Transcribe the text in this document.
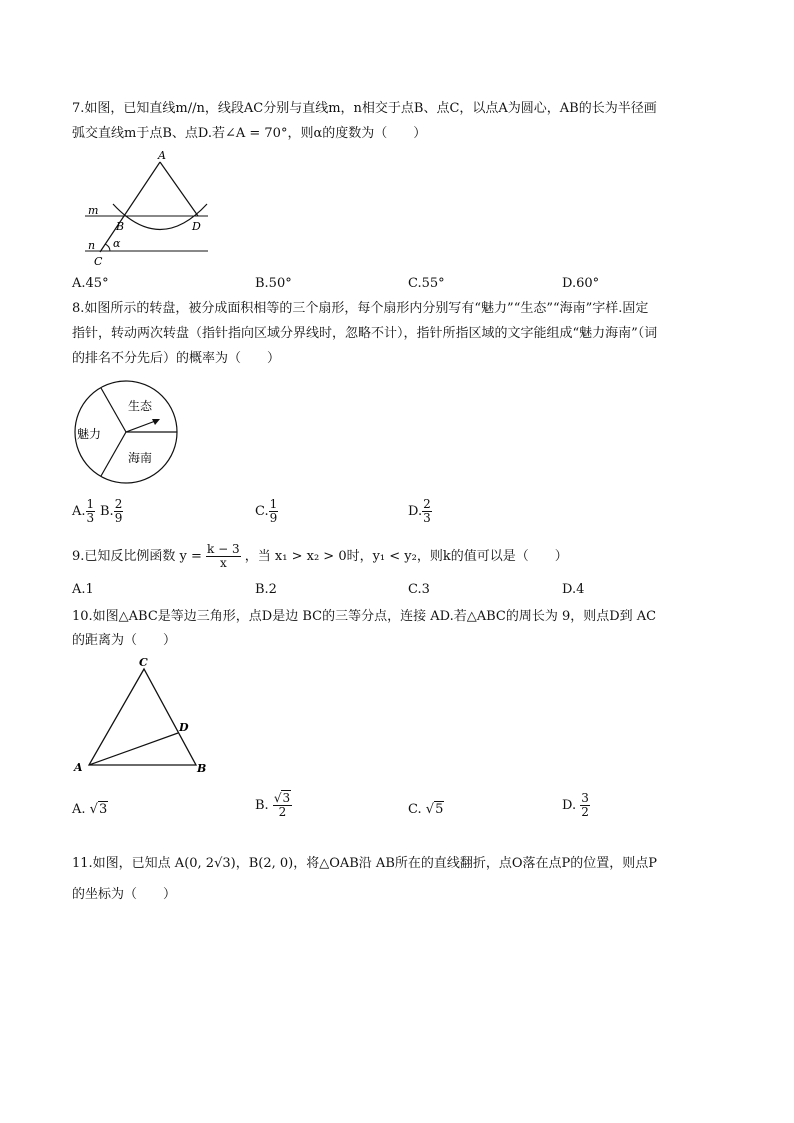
7.如图，已知直线m//n，线段AC分别与直线m，n相交于点B、点C，以点A为圆心，AB的长为半径画
弧交直线m于点B、点D.若∠A = 70°，则α的度数为（　　）
A
m
B	D
n α
C
A.45°	B.50°	C.55°	D.60°
8.如图所示的转盘，被分成面积相等的三个扇形，每个扇形内分别写有“魅力”“生态”“海南”字样.固定
指针，转动两次转盘（指针指向区域分界线时，忽略不计），指针所指区域的文字能组成“魅力海南”（词
的排名不分先后）的概率为（　　）
生态
魅力
海南
A. $\frac{1}{3} B$. $\frac{2}{9}$	C. $\frac{1}{9}$	D. $\frac{2}{3}$
9.已知反比例函数 $y = \frac{k - 3}{x}$ ，当 x₁ > x₂ > 0时，y₁ < y₂，则k的值可以是（　　）
A.1	B.2	C.3	D.4
10.如图△ABC是等边三角形，点D是边 BC的三等分点，连接 AD.若△ABC的周长为 9，则点D到 AC
的距离为（　　）
C
D
A	B
A. √3	B. $\frac{√3}{2}$	C. √5	D. $\frac{3}{2}$
11.如图，已知点 A(0, 2√3)，B(2, 0)，将△OAB沿 AB所在的直线翻折，点O落在点P的位置，则点P
的坐标为（　　）
